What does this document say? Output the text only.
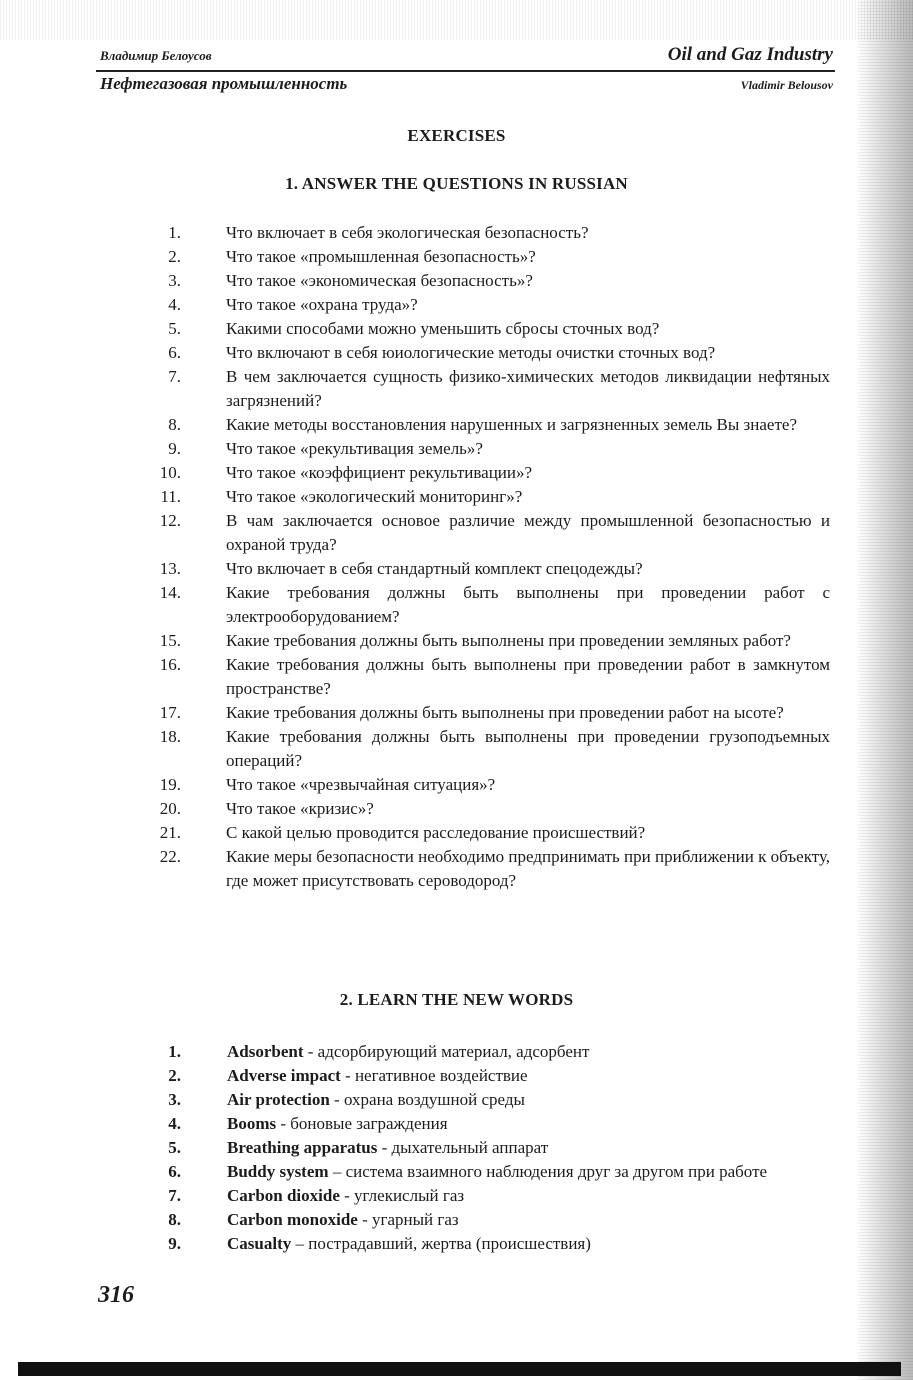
Владимир Белоусов	Oil and Gaz Industry
Нефтегазовая промышленность	Vladimir Belousov
EXERCISES
1. ANSWER THE QUESTIONS IN RUSSIAN
1.	Что включает в себя экологическая безопасность?
2.	Что такое «промышленная безопасность»?
3.	Что такое «экономическая безопасность»?
4.	Что такое «охрана труда»?
5.	Какими способами можно уменьшить сбросы сточных вод?
6.	Что включают в себя юиологические методы очистки сточных вод?
7.	В чем заключается сущность физико-химических методов ликвидации нефтяных загрязнений?
8.	Какие методы восстановления нарушенных и загрязненных земель Вы знаете?
9.	Что такое «рекультивация земель»?
10.	Что такое «коэффициент рекультивации»?
11.	Что такое «экологический мониторинг»?
12.	В чам заключается основое различие между промышленной безопасностью и охраной труда?
13.	Что включает в себя стандартный комплект спецодежды?
14.	Какие требования должны быть выполнены при проведении работ с электрооборудованием?
15.	Какие требования должны быть выполнены при проведении земляных работ?
16.	Какие требования должны быть выполнены при проведении работ в замкнутом пространстве?
17.	Какие требования должны быть выполнены при проведении работ на ысоте?
18.	Какие требования должны быть выполнены при проведении грузоподъемных операций?
19.	Что такое «чрезвычайная ситуация»?
20.	Что такое «кризис»?
21.	С какой целью проводится расследование происшествий?
22.	Какие меры безопасности необходимо предпринимать при приближении к объекту, где может присутствовать сероводород?
2. LEARN THE NEW WORDS
1.	Adsorbent - адсорбирующий материал, адсорбент
2.	Adverse impact - негативное воздействие
3.	Air protection - охрана воздушной среды
4.	Booms - боновые заграждения
5.	Breathing apparatus - дыхательный аппарат
6.	Buddy system – система взаимного наблюдения друг за другом при работе
7.	Carbon dioxide - углекислый газ
8.	Carbon monoxide - угарный газ
9.	Casualty – пострадавший, жертва (происшествия)
316
